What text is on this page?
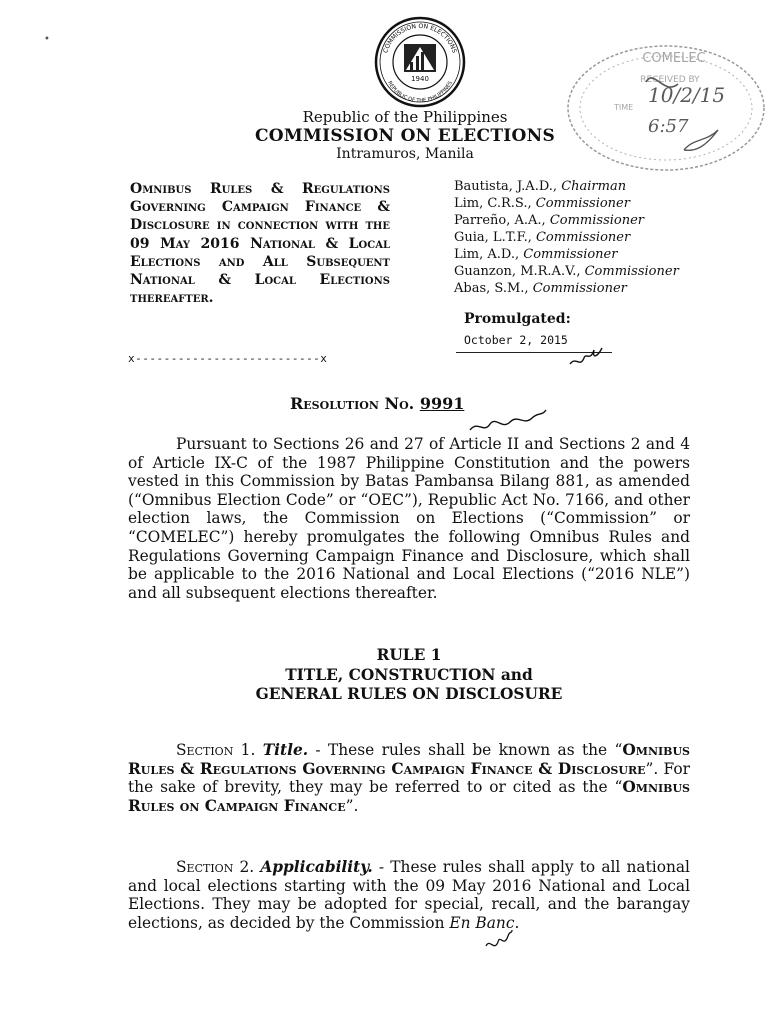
COMMISSION ON ELECTIONS
REPUBLIC OF THE PHILIPPINES
1940
COMELEC
RECEIVED BY
TIME
10/2/15
6:57
Republic of the Philippines
COMMISSION ON ELECTIONS
Intramuros, Manila
Omnibus Rules & Regulations Governing Campaign Finance & Disclosure in connection with the 09 May 2016 National & Local Elections and All Subsequent National & Local Elections thereafter.
Bautista, J.A.D., Chairman
Lim, C.R.S., Commissioner
Parreño, A.A., Commissioner
Guia, L.T.F., Commissioner
Lim, A.D., Commissioner
Guanzon, M.R.A.V., Commissioner
Abas, S.M., Commissioner
Promulgated:
October 2, 2015
x--------------------------x
Resolution No. 9991
Pursuant to Sections 26 and 27 of Article II and Sections 2 and 4 of Article IX-C of the 1987 Philippine Constitution and the powers vested in this Commission by Batas Pambansa Bilang 881, as amended (“Omnibus Election Code” or “OEC”), Republic Act No. 7166, and other election laws, the Commission on Elections (“Commission” or “COMELEC”) hereby promulgates the following Omnibus Rules and Regulations Governing Campaign Finance and Disclosure, which shall be applicable to the 2016 National and Local Elections (“2016 NLE”) and all subsequent elections thereafter.
RULE 1
TITLE, CONSTRUCTION and
GENERAL RULES ON DISCLOSURE
Section 1. Title. - These rules shall be known as the “Omnibus Rules & Regulations Governing Campaign Finance & Disclosure”. For the sake of brevity, they may be referred to or cited as the “Omnibus Rules on Campaign Finance”.
Section 2. Applicability. - These rules shall apply to all national and local elections starting with the 09 May 2016 National and Local Elections. They may be adopted for special, recall, and the barangay elections, as decided by the Commission En Banc.
•
